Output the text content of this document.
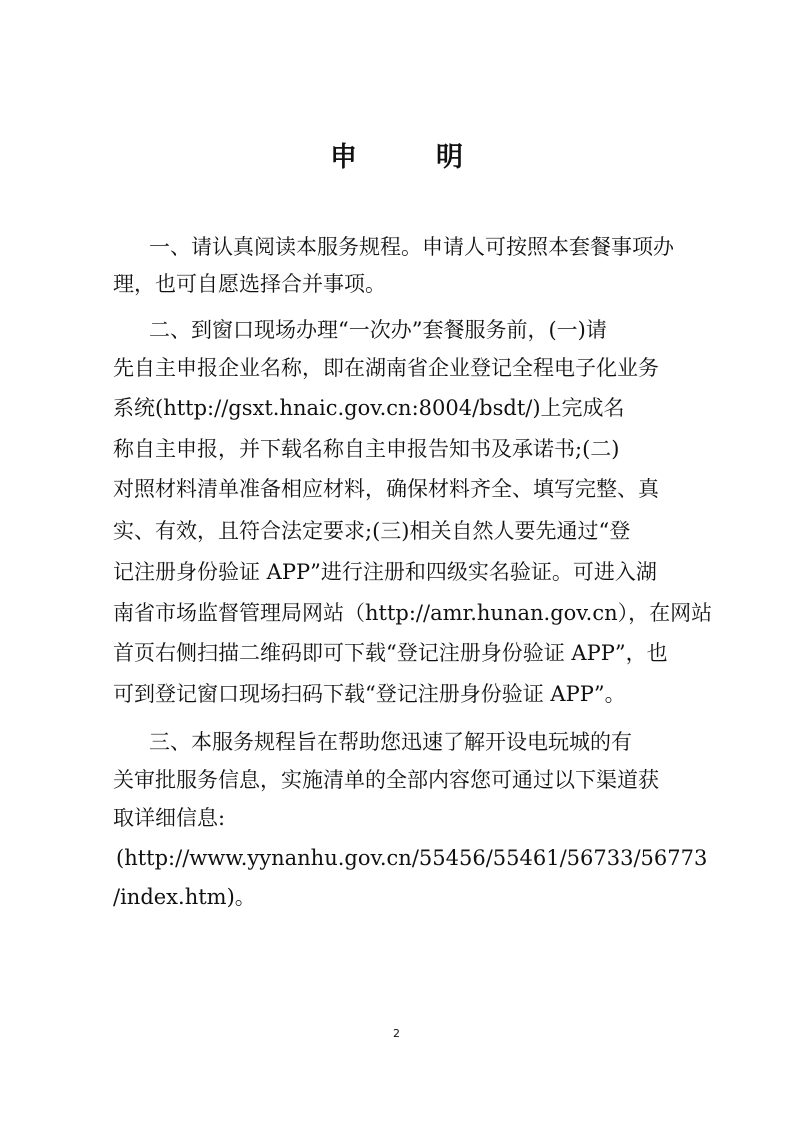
申　明
一、请认真阅读本服务规程。申请人可按照本套餐事项办
理，也可自愿选择合并事项。
二、到窗口现场办理“一次办”套餐服务前，(一)请
先自主申报企业名称，即在湖南省企业登记全程电子化业务
系统(http://gsxt.hnaic.gov.cn:8004/bsdt/)上完成名
称自主申报，并下载名称自主申报告知书及承诺书;(二)
对照材料清单准备相应材料，确保材料齐全、填写完整、真
实、有效，且符合法定要求;(三)相关自然人要先通过“登
记注册身份验证 APP”进行注册和四级实名验证。可进入湖
南省市场监督管理局网站（http://amr.hunan.gov.cn），在网站
首页右侧扫描二维码即可下载“登记注册身份验证 APP”，也
可到登记窗口现场扫码下载“登记注册身份验证 APP”。
三、本服务规程旨在帮助您迅速了解开设电玩城的有
关审批服务信息，实施清单的全部内容您可通过以下渠道获
取详细信息:
(http://www.yynanhu.gov.cn/55456/55461/56733/56773
/index.htm)。
2
